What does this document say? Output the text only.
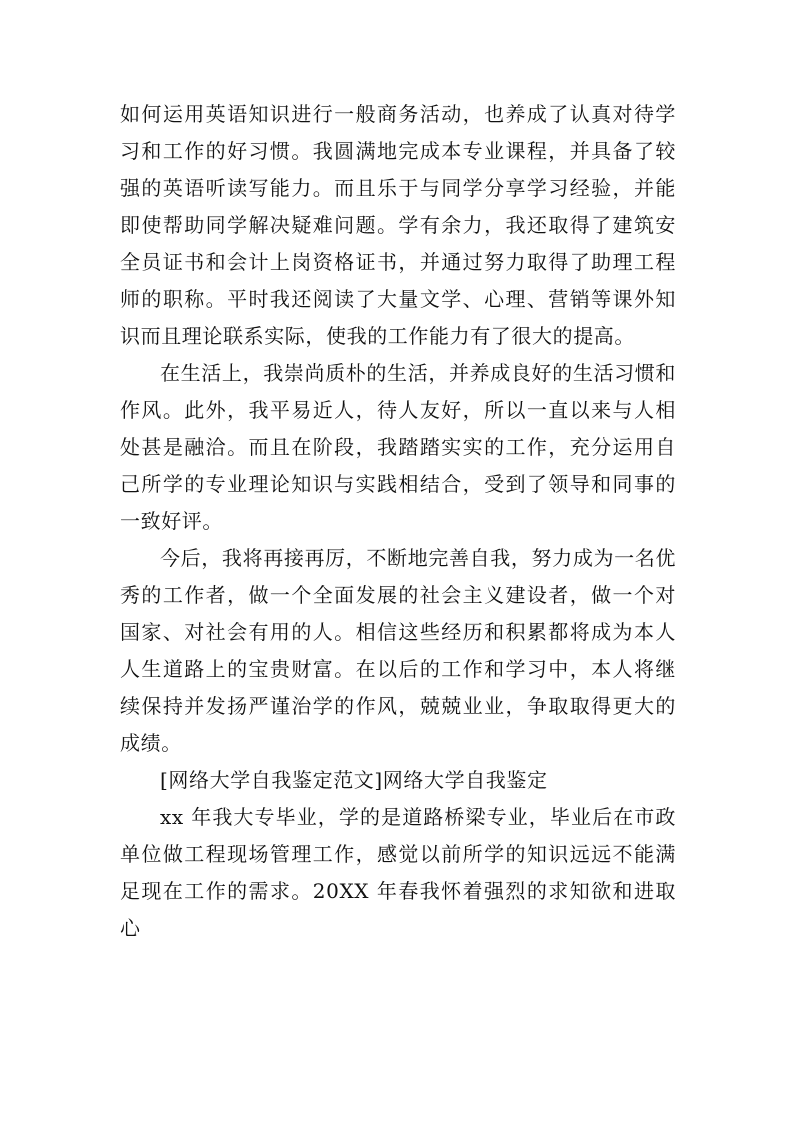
如何运用英语知识进行一般商务活动，也养成了认真对待学习和工作的好习惯。我圆满地完成本专业课程，并具备了较强的英语听读写能力。而且乐于与同学分享学习经验，并能即使帮助同学解决疑难问题。学有余力，我还取得了建筑安全员证书和会计上岗资格证书，并通过努力取得了助理工程师的职称。平时我还阅读了大量文学、心理、营销等课外知识而且理论联系实际，使我的工作能力有了很大的提高。

在生活上，我崇尚质朴的生活，并养成良好的生活习惯和作风。此外，我平易近人，待人友好，所以一直以来与人相处甚是融洽。而且在阶段，我踏踏实实的工作，充分运用自己所学的专业理论知识与实践相结合，受到了领导和同事的一致好评。

今后，我将再接再厉，不断地完善自我，努力成为一名优秀的工作者，做一个全面发展的社会主义建设者，做一个对国家、对社会有用的人。相信这些经历和积累都将成为本人人生道路上的宝贵财富。在以后的工作和学习中，本人将继续保持并发扬严谨治学的作风，兢兢业业，争取取得更大的成绩。

[网络大学自我鉴定范文]网络大学自我鉴定

xx 年我大专毕业，学的是道路桥梁专业，毕业后在市政单位做工程现场管理工作，感觉以前所学的知识远远不能满足现在工作的需求。20XX 年春我怀着强烈的求知欲和进取心
